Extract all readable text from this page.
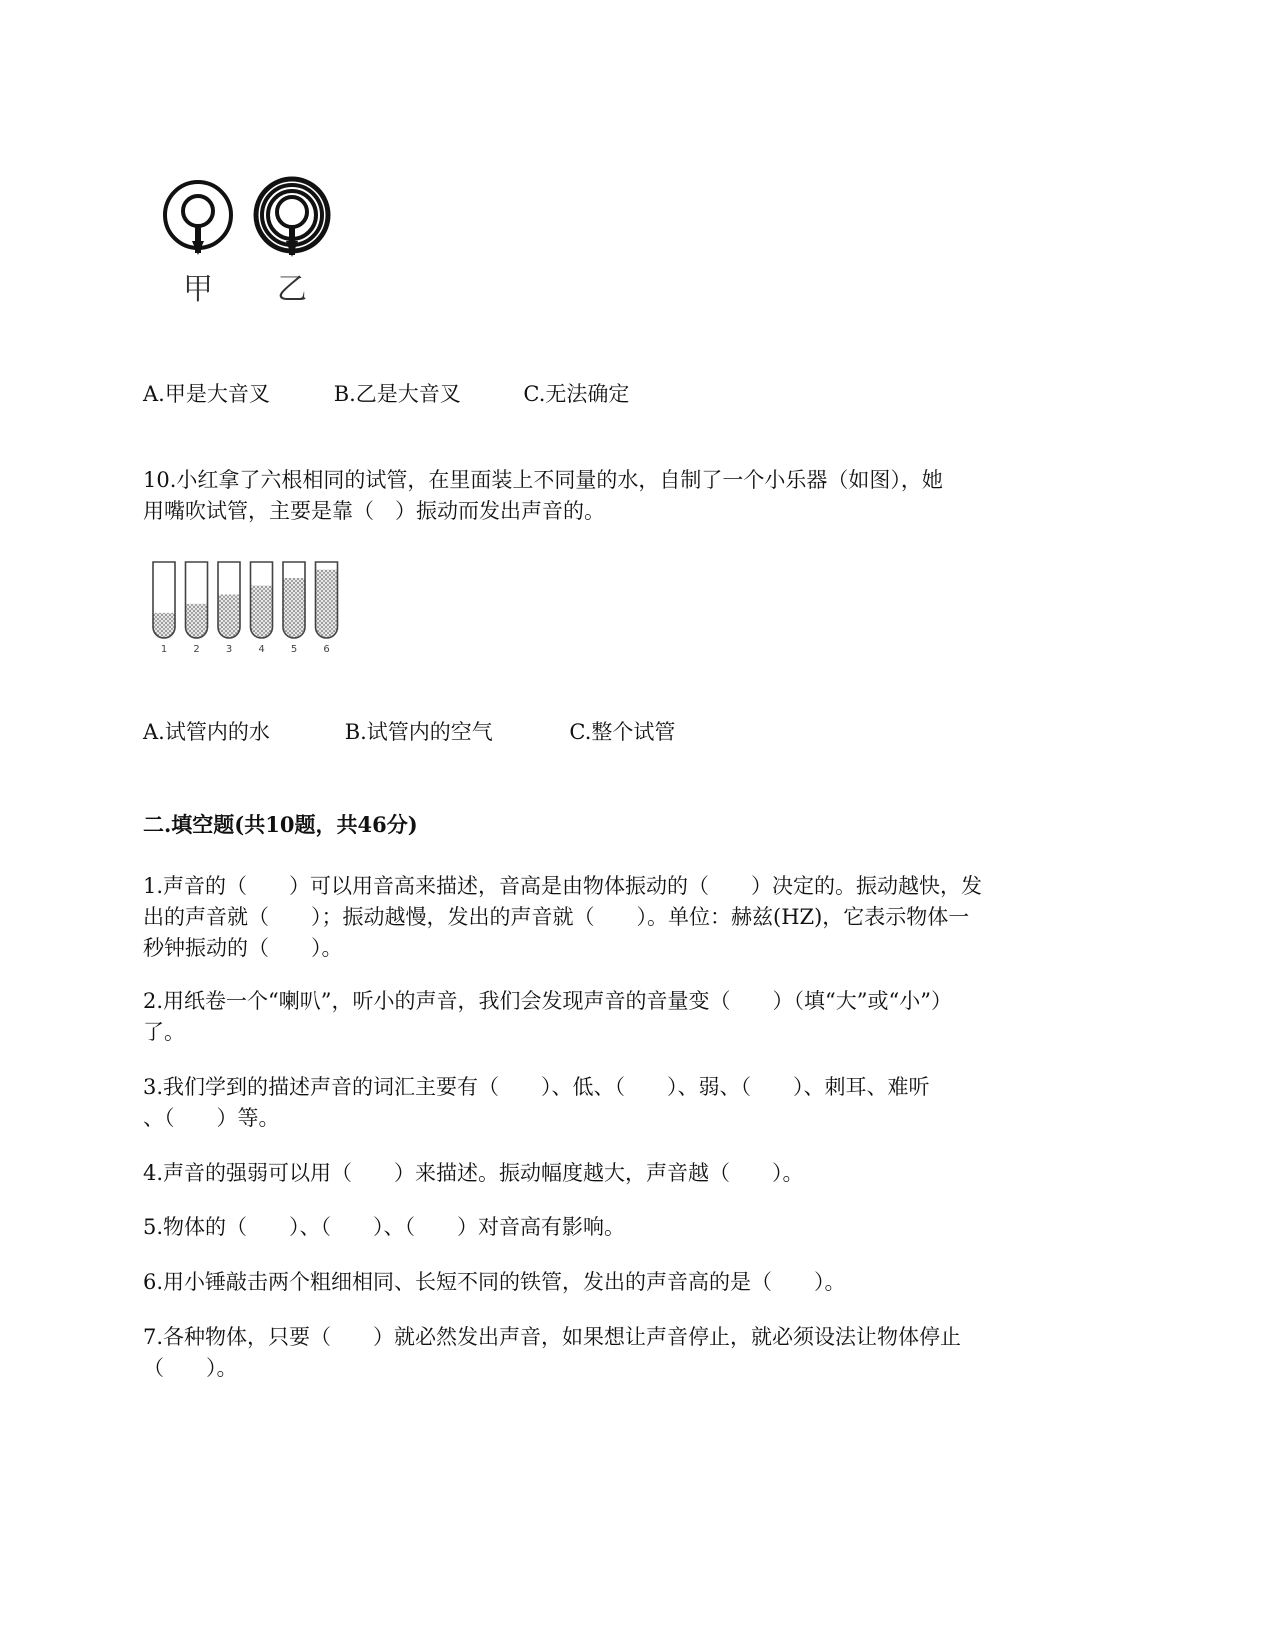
甲 乙
A.甲是大音叉	B.乙是大音叉	C.无法确定
10.小红拿了六根相同的试管，在里面装上不同量的水，自制了一个小乐器（如图），她
用嘴吹试管，主要是靠（　）振动而发出声音的。
1	2	3	4	5	6
A.试管内的水	B.试管内的空气	C.整个试管
二.填空题(共10题，共46分)
1.声音的（　　）可以用音高来描述，音高是由物体振动的（　　）决定的。振动越快，发
出的声音就（　　）；振动越慢，发出的声音就（　　）。单位：赫兹(HZ)，它表示物体一
秒钟振动的（　　）。
2.用纸卷一个“喇叭”，听小的声音，我们会发现声音的音量变（　　）（填“大”或“小”）
了。
3.我们学到的描述声音的词汇主要有（　　）、低、（　　）、弱、（　　）、刺耳、难听
、（　　）等。
4.声音的强弱可以用（　　）来描述。振动幅度越大，声音越（　　）。
5.物体的（　　）、（　　）、（　　）对音高有影响。
6.用小锤敲击两个粗细相同、长短不同的铁管，发出的声音高的是（　　）。
7.各种物体，只要（　　）就必然发出声音，如果想让声音停止，就必须设法让物体停止
（　　）。
